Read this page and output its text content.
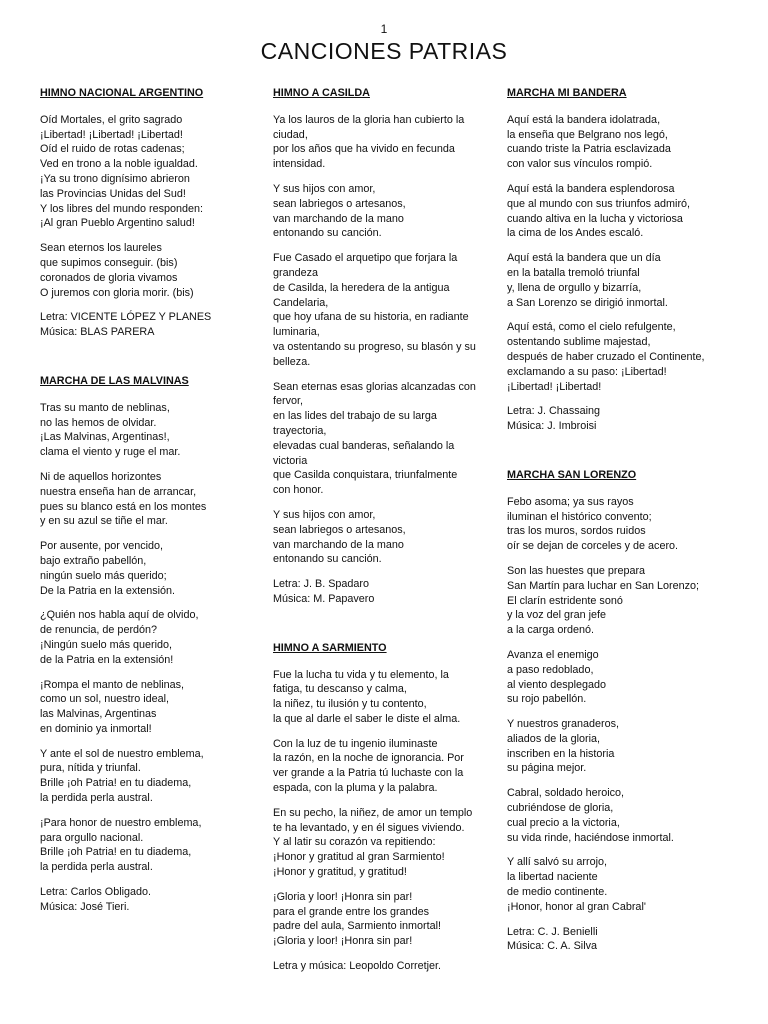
1
CANCIONES PATRIAS
HIMNO NACIONAL ARGENTINO
Oíd Mortales, el grito sagrado
¡Libertad! ¡Libertad! ¡Libertad!
Oíd el ruido de rotas cadenas;
Ved en trono a la noble igualdad.
¡Ya su trono dignísimo abrieron
las Provincias Unidas del Sud!
Y los libres del mundo responden:
¡Al gran Pueblo Argentino salud!
Sean eternos los laureles
que supimos conseguir. (bis)
coronados de gloria vivamos
O juremos con gloria morir. (bis)
Letra: VICENTE LÓPEZ Y PLANES
Música: BLAS PARERA
MARCHA DE LAS MALVINAS
Tras su manto de neblinas,
no las hemos de olvidar.
¡Las Malvinas, Argentinas!,
clama el viento y ruge el mar.
Ni de aquellos horizontes
nuestra enseña han de arrancar,
pues su blanco está en los montes
y en su azul se tiñe el mar.
Por ausente, por vencido,
bajo extraño pabellón,
ningún suelo más querido;
De la Patria en la extensión.
¿Quién nos habla aquí de olvido,
de renuncia, de perdón?
¡Ningún suelo más querido,
de la Patria en la extensión!
¡Rompa el manto de neblinas,
como un sol, nuestro ideal,
las Malvinas, Argentinas
en dominio ya inmortal!
Y ante el sol de nuestro emblema,
pura, nítida y triunfal.
Brille ¡oh Patria! en tu diadema,
la perdida perla austral.
¡Para honor de nuestro emblema,
para orgullo nacional.
Brille ¡oh Patria! en tu diadema,
la perdida perla austral.
Letra: Carlos Obligado.
Música: José Tieri.
HIMNO A CASILDA
Ya los lauros de la gloria han cubierto la
ciudad,
por los años que ha vivido en fecunda
intensidad.
Y sus hijos con amor,
sean labriegos o artesanos,
van marchando de la mano
entonando su canción.
Fue Casado el arquetipo que forjara la
grandeza
de Casilda, la heredera de la antigua
Candelaria,
que hoy ufana de su historia, en radiante
luminaria,
va ostentando su progreso, su blasón y su
belleza.
Sean eternas esas glorias alcanzadas con
fervor,
en las lides del trabajo de su larga
trayectoria,
elevadas cual banderas, señalando la
victoria
que Casilda conquistara, triunfalmente
con honor.
Y sus hijos con amor,
sean labriegos o artesanos,
van marchando de la mano
entonando su canción.
Letra: J. B. Spadaro
Música: M. Papavero
HIMNO A SARMIENTO
Fue la lucha tu vida y tu elemento, la
fatiga, tu descanso y calma,
la niñez, tu ilusión y tu contento,
la que al darle el saber le diste el alma.
Con la luz de tu ingenio iluminaste
la razón, en la noche de ignorancia. Por
ver grande a la Patria tú luchaste con la
espada, con la pluma y la palabra.
En su pecho, la niñez, de amor un templo
te ha levantado, y en él sigues viviendo.
Y al latir su corazón va repitiendo:
¡Honor y gratitud al gran Sarmiento!
¡Honor y gratitud, y gratitud!
¡Gloria y loor! ¡Honra sin par!
para el grande entre los grandes
padre del aula, Sarmiento inmortal!
¡Gloria y loor! ¡Honra sin par!
Letra y música: Leopoldo Corretjer.
MARCHA MI BANDERA
Aquí está la bandera idolatrada,
la enseña que Belgrano nos legó,
cuando triste la Patria esclavizada
con valor sus vínculos rompió.
Aquí está la bandera esplendorosa
que al mundo con sus triunfos admiró,
cuando altiva en la lucha y victoriosa
la cima de los Andes escaló.
Aquí está la bandera que un día
en la batalla tremoló triunfal
y, llena de orgullo y bizarría,
a San Lorenzo se dirigió inmortal.
Aquí está, como el cielo refulgente,
ostentando sublime majestad,
después de haber cruzado el Continente,
exclamando a su paso: ¡Libertad!
¡Libertad! ¡Libertad!
Letra: J. Chassaing
Música: J. Imbroisi
MARCHA SAN LORENZO
Febo asoma; ya sus rayos
iluminan el histórico convento;
tras los muros, sordos ruidos
oír se dejan de corceles y de acero.
Son las huestes que prepara
San Martín para luchar en San Lorenzo;
El clarín estridente sonó
y la voz del gran jefe
a la carga ordenó.
Avanza el enemigo
a paso redoblado,
al viento desplegado
su rojo pabellón.
Y nuestros granaderos,
aliados de la gloria,
inscriben en la historia
su página mejor.
Cabral, soldado heroico,
cubriéndose de gloria,
cual precio a la victoria,
su vida rinde, haciéndose inmortal.
Y allí salvó su arrojo,
la libertad naciente
de medio continente.
¡Honor, honor al gran Cabral'
Letra: C. J. Benielli
Música: C. A. Silva
